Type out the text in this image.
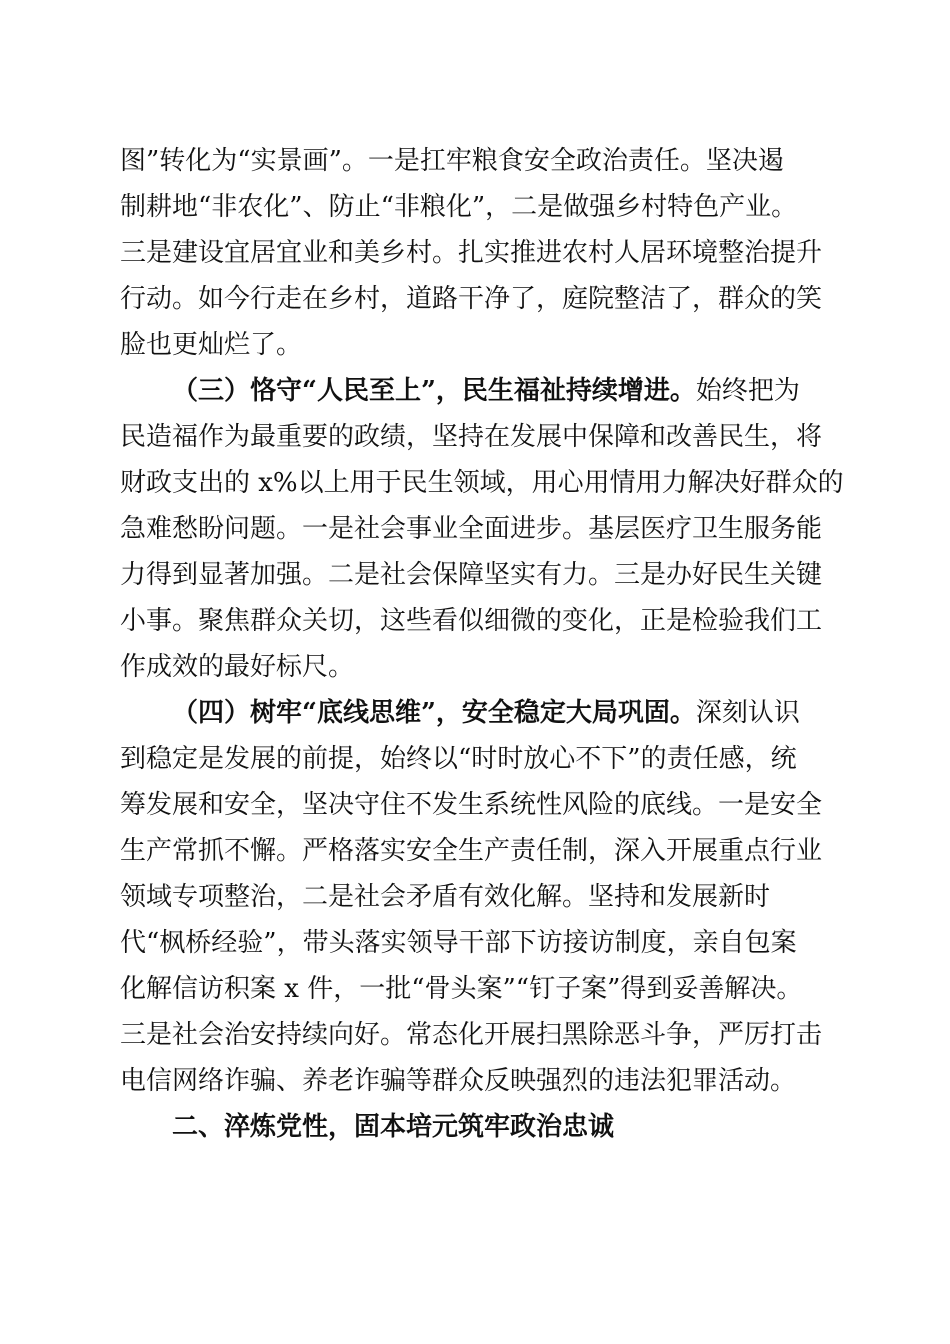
图”转化为“实景画”。一是扛牢粮食安全政治责任。坚决遏
制耕地“非农化”、防止“非粮化”，二是做强乡村特色产业。
三是建设宜居宜业和美乡村。扎实推进农村人居环境整治提升
行动。如今行走在乡村，道路干净了，庭院整洁了，群众的笑
脸也更灿烂了。
（三）恪守“人民至上”，民生福祉持续增进。始终把为
民造福作为最重要的政绩，坚持在发展中保障和改善民生，将
财政支出的 x%以上用于民生领域，用心用情用力解决好群众的
急难愁盼问题。一是社会事业全面进步。基层医疗卫生服务能
力得到显著加强。二是社会保障坚实有力。三是办好民生关键
小事。聚焦群众关切，这些看似细微的变化，正是检验我们工
作成效的最好标尺。
（四）树牢“底线思维”，安全稳定大局巩固。深刻认识
到稳定是发展的前提，始终以“时时放心不下”的责任感，统
筹发展和安全，坚决守住不发生系统性风险的底线。一是安全
生产常抓不懈。严格落实安全生产责任制，深入开展重点行业
领域专项整治，二是社会矛盾有效化解。坚持和发展新时
代“枫桥经验”，带头落实领导干部下访接访制度，亲自包案
化解信访积案 x 件，一批“骨头案”“钉子案”得到妥善解决。
三是社会治安持续向好。常态化开展扫黑除恶斗争，严厉打击
电信网络诈骗、养老诈骗等群众反映强烈的违法犯罪活动。
二、淬炼党性，固本培元筑牢政治忠诚
